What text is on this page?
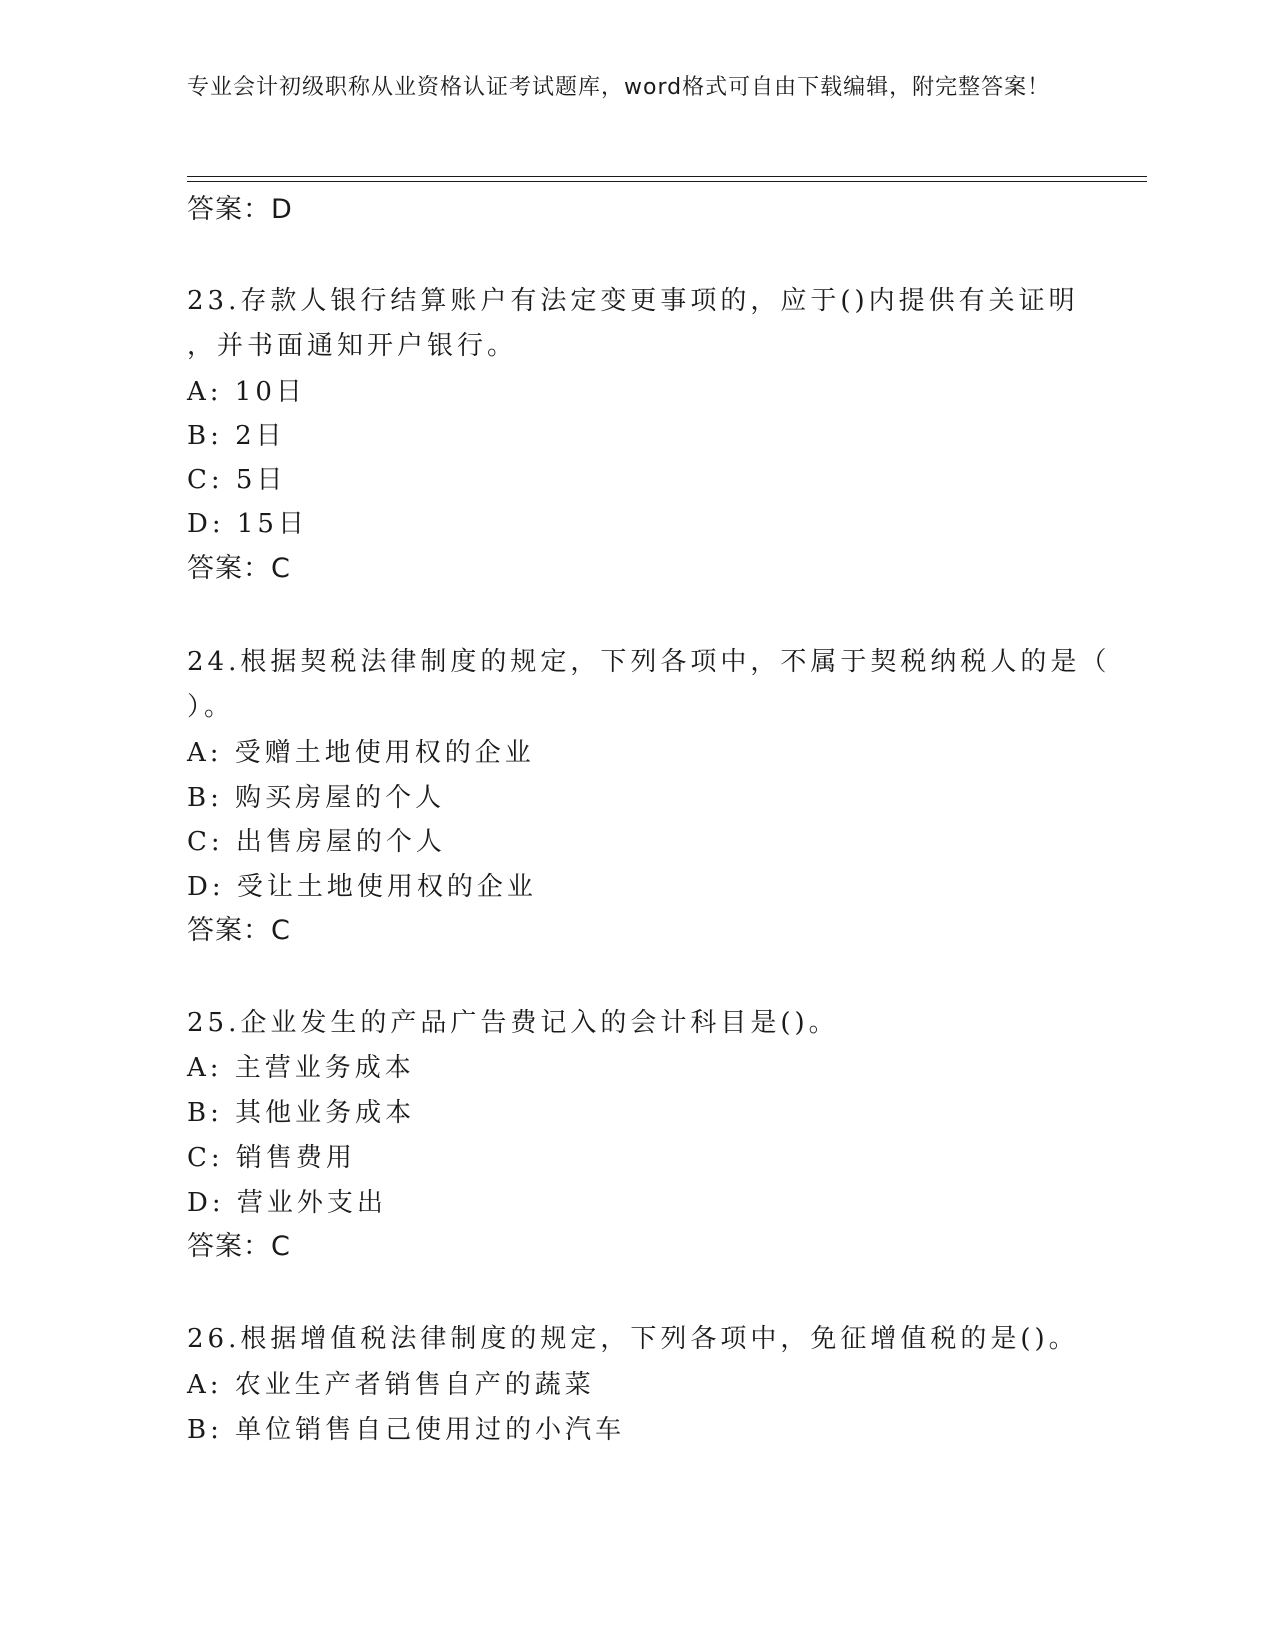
专业会计初级职称从业资格认证考试题库，word格式可自由下载编辑，附完整答案！
答案：D
23.存款人银行结算账户有法定变更事项的，应于()内提供有关证明
，并书面通知开户银行。
A: 10日
B: 2日
C: 5日
D: 15日
答案：C
24.根据契税法律制度的规定，下列各项中，不属于契税纳税人的是（
）。
A: 受赠土地使用权的企业
B: 购买房屋的个人
C: 出售房屋的个人
D: 受让土地使用权的企业
答案：C
25.企业发生的产品广告费记入的会计科目是()。
A: 主营业务成本
B: 其他业务成本
C: 销售费用
D: 营业外支出
答案：C
26.根据增值税法律制度的规定，下列各项中，免征增值税的是()。
A: 农业生产者销售自产的蔬菜
B: 单位销售自己使用过的小汽车
